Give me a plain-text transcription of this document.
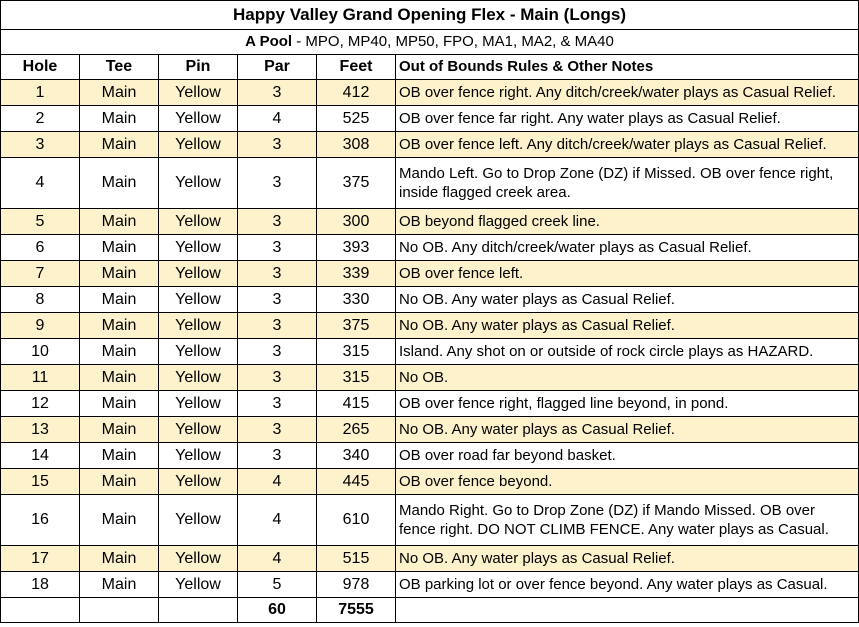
Happy Valley Grand Opening Flex - Main (Longs)					
A Pool - MPO, MP40, MP50, FPO, MA1, MA2, & MA40					
Hole	Tee	Pin	Par	Feet	Out of Bounds Rules & Other Notes
1	Main	Yellow	3	412	OB over fence right. Any ditch/creek/water plays as Casual Relief.
2	Main	Yellow	4	525	OB over fence far right. Any water plays as Casual Relief.
3	Main	Yellow	3	308	OB over fence left. Any ditch/creek/water plays as Casual Relief.
4	Main	Yellow	3	375	Mando Left. Go to Drop Zone (DZ) if Missed. OB over fence right, inside flagged creek area.
5	Main	Yellow	3	300	OB beyond flagged creek line.
6	Main	Yellow	3	393	No OB. Any ditch/creek/water plays as Casual Relief.
7	Main	Yellow	3	339	OB over fence left.
8	Main	Yellow	3	330	No OB. Any water plays as Casual Relief.
9	Main	Yellow	3	375	No OB. Any water plays as Casual Relief.
10	Main	Yellow	3	315	Island. Any shot on or outside of rock circle plays as HAZARD.
11	Main	Yellow	3	315	No OB.
12	Main	Yellow	3	415	OB over fence right, flagged line beyond, in pond.
13	Main	Yellow	3	265	No OB. Any water plays as Casual Relief.
14	Main	Yellow	3	340	OB over road far beyond basket.
15	Main	Yellow	4	445	OB over fence beyond.
16	Main	Yellow	4	610	Mando Right. Go to Drop Zone (DZ) if Mando Missed. OB over fence right. DO NOT CLIMB FENCE. Any water plays as Casual.
17	Main	Yellow	4	515	No OB. Any water plays as Casual Relief.
18	Main	Yellow	5	978	OB parking lot or over fence beyond. Any water plays as Casual.
			60	7555	
